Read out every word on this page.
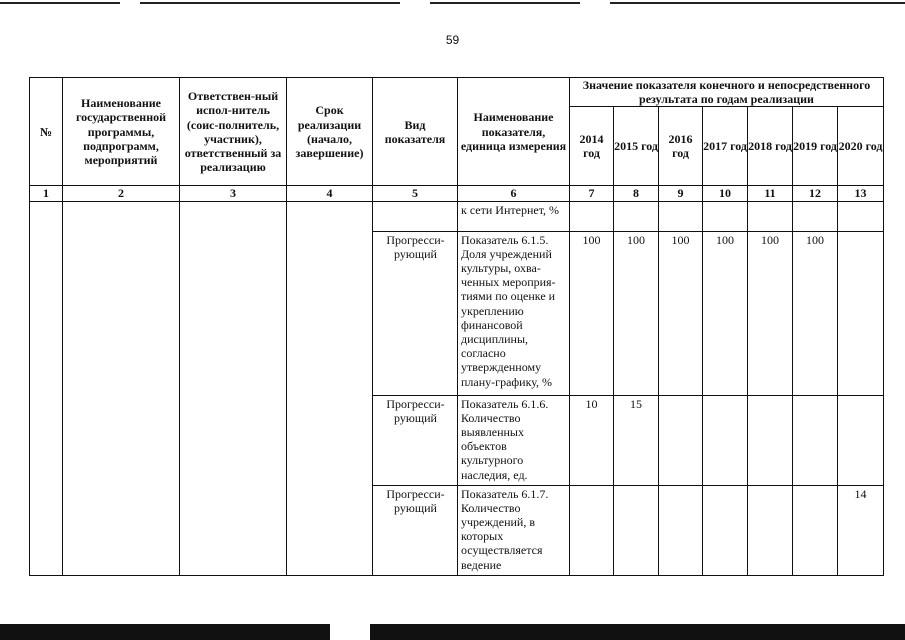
59
№	Наименование государственной программы, подпрограмм, мероприятий	Ответствен-ный испол-нитель (соис-полнитель, участник), ответственный за реализацию	Срок реализации (начало, завершение)	Вид показателя	Наименование показателя, единица измерения	Значение показателя конечного и непосредственного результата по годам реализации						
						2014 год	2015 год	2016 год	2017 год	2018 год	2019 год	2020 год
1	2	3	4	5	6	7	8	9	10	11	12	13
					к сети Интернет, %							
				Прогресси-рующий	Показатель 6.1.5. Доля учреждений культуры, охва-ченных мероприя-тиями по оценке и укреплению финансовой дисциплины, согласно утвержденному плану-графику, %	100	100	100	100	100	100	
				Прогресси-рующий	Показатель 6.1.6. Количество выявленных объектов культурного наследия, ед.	10	15					
				Прогресси-рующий	Показатель 6.1.7. Количество учреждений, в которых осуществляется ведение							14
